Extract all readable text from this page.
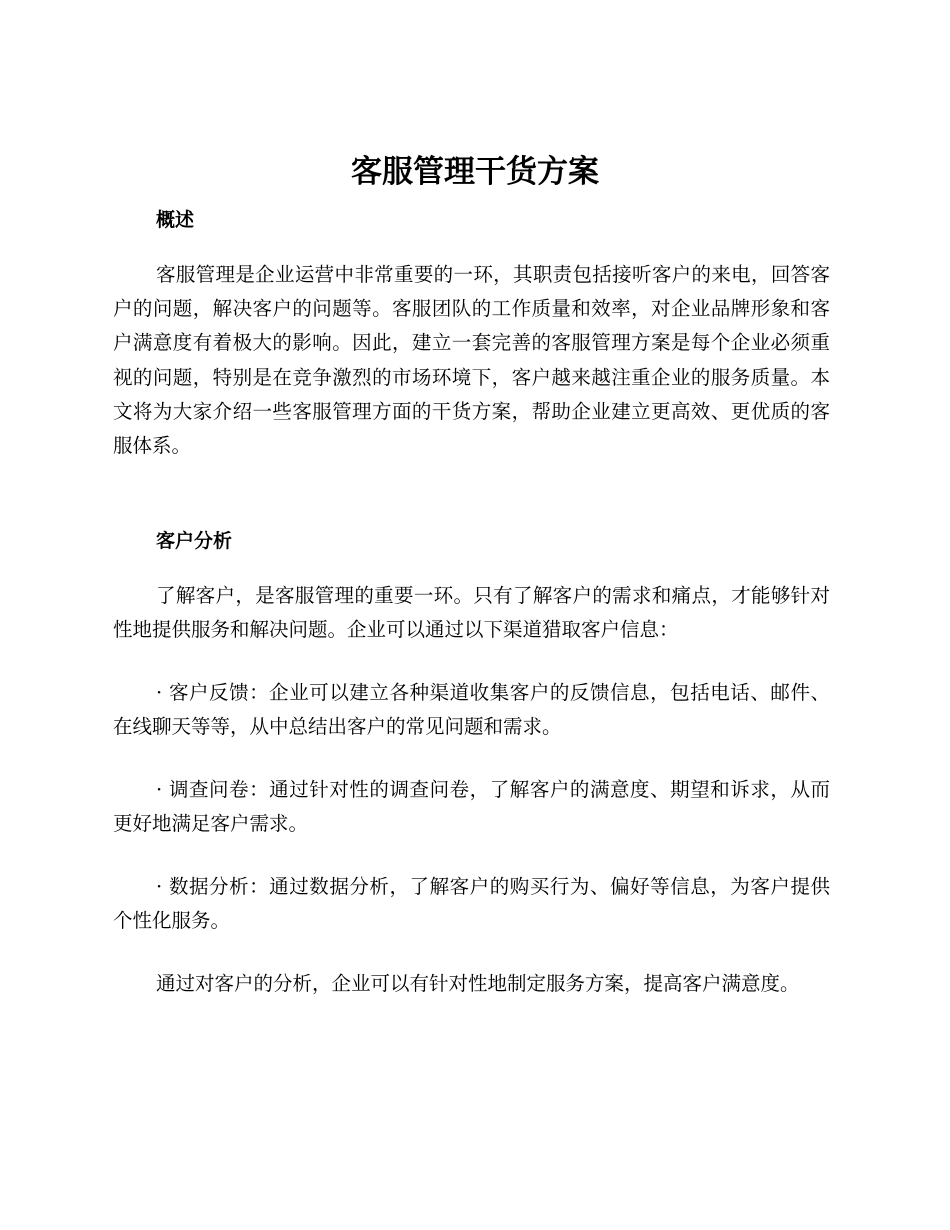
客服管理干货方案
概述

客服管理是企业运营中非常重要的一环，其职责包括接听客户的来电，回答客户的问题，解决客户的问题等。客服团队的工作质量和效率，对企业品牌形象和客户满意度有着极大的影响。因此，建立一套完善的客服管理方案是每个企业必须重视的问题，特别是在竞争激烈的市场环境下，客户越来越注重企业的服务质量。本文将为大家介绍一些客服管理方面的干货方案，帮助企业建立更高效、更优质的客服体系。

客户分析

了解客户，是客服管理的重要一环。只有了解客户的需求和痛点，才能够针对性地提供服务和解决问题。企业可以通过以下渠道猎取客户信息：

· 客户反馈：企业可以建立各种渠道收集客户的反馈信息，包括电话、邮件、在线聊天等等，从中总结出客户的常见问题和需求。

· 调查问卷：通过针对性的调查问卷，了解客户的满意度、期望和诉求，从而更好地满足客户需求。

· 数据分析：通过数据分析，了解客户的购买行为、偏好等信息，为客户提供个性化服务。

通过对客户的分析，企业可以有针对性地制定服务方案，提高客户满意度。
